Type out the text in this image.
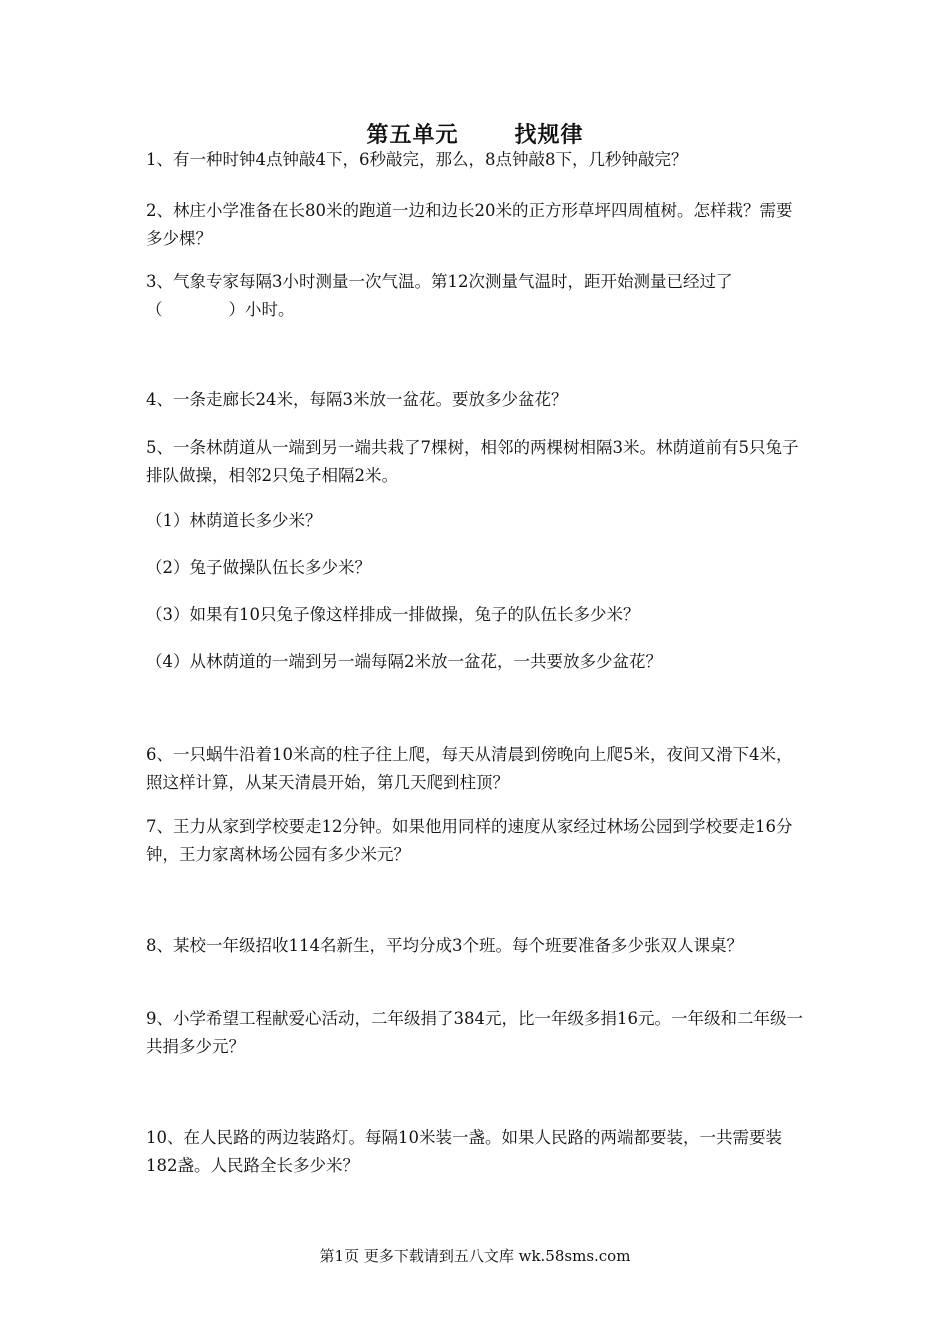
第五单元	找规律
1、有一种时钟4点钟敲4下，6秒敲完，那么，8点钟敲8下，几秒钟敲完？
2、林庄小学准备在长80米的跑道一边和边长20米的正方形草坪四周植树。怎样栽？需要多少棵？
3、气象专家每隔3小时测量一次气温。第12次测量气温时，距开始测量已经过了（　　　　）小时。
4、一条走廊长24米，每隔3米放一盆花。要放多少盆花？
5、一条林荫道从一端到另一端共栽了7棵树，相邻的两棵树相隔3米。林荫道前有5只兔子排队做操，相邻2只兔子相隔2米。
（1）林荫道长多少米？
（2）兔子做操队伍长多少米？
（3）如果有10只兔子像这样排成一排做操，兔子的队伍长多少米？
（4）从林荫道的一端到另一端每隔2米放一盆花，一共要放多少盆花？
6、一只蜗牛沿着10米高的柱子往上爬，每天从清晨到傍晚向上爬5米，夜间又滑下4米，照这样计算，从某天清晨开始，第几天爬到柱顶？
7、王力从家到学校要走12分钟。如果他用同样的速度从家经过林场公园到学校要走16分钟，王力家离林场公园有多少米元？
8、某校一年级招收114名新生，平均分成3个班。每个班要准备多少张双人课桌？
9、小学希望工程献爱心活动，二年级捐了384元，比一年级多捐16元。一年级和二年级一共捐多少元？
10、在人民路的两边装路灯。每隔10米装一盏。如果人民路的两端都要装，一共需要装182盏。人民路全长多少米？
第1页 更多下载请到五八文库 wk.58sms.com
